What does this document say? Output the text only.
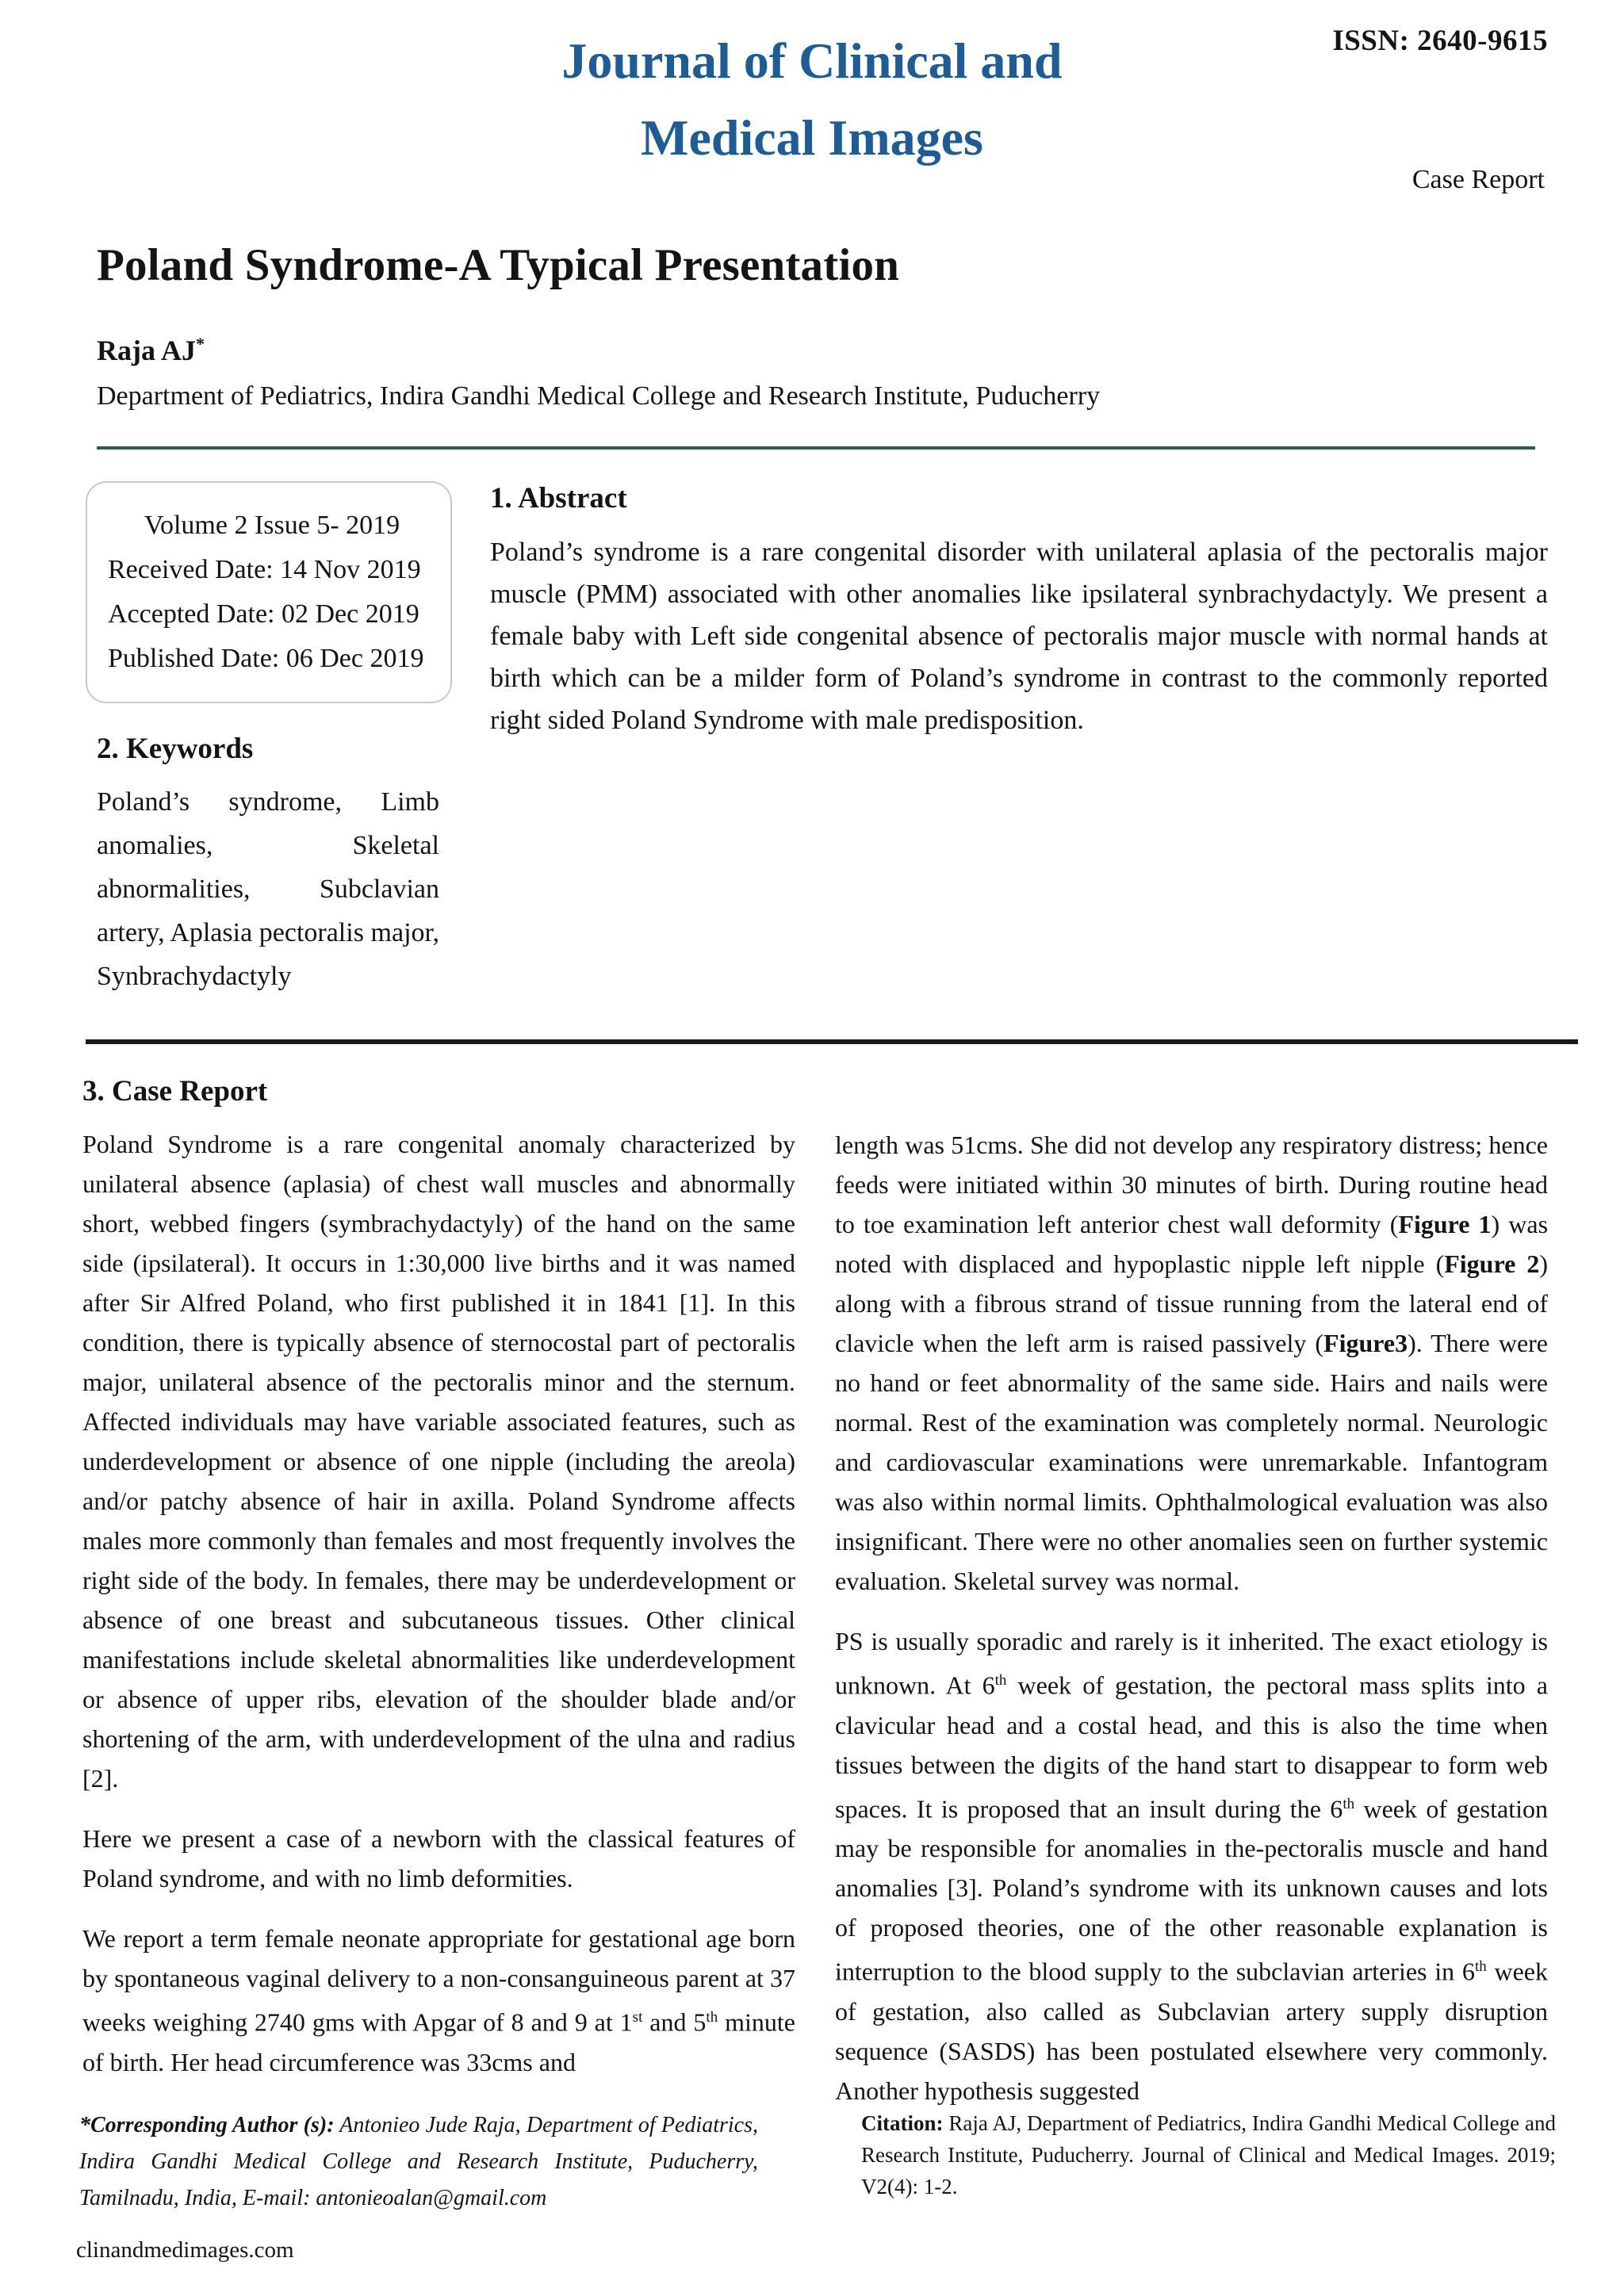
ISSN: 2640-9615
Journal of Clinical and
Medical Images
Case Report
Poland Syndrome-A Typical Presentation
Raja AJ*
Department of Pediatrics, Indira Gandhi Medical College and Research Institute, Puducherry
Volume 2 Issue 5- 2019
Received Date: 14 Nov 2019
Accepted Date: 02 Dec 2019
Published Date: 06 Dec 2019
2. Keywords

Poland’s syndrome, Limb anomalies, Skeletal abnormalities, Subclavian artery, Aplasia pectoralis major, Synbrachydactyly

1. Abstract

Poland’s syndrome is a rare congenital disorder with unilateral aplasia of the pectoralis major muscle (PMM) associated with other anomalies like ipsilateral synbrachydactyly. We present a female baby with Left side congenital absence of pectoralis major muscle with normal hands at birth which can be a milder form of Poland’s syndrome in contrast to the commonly reported right sided Poland Syndrome with male predisposition.

3. Case Report

Poland Syndrome is a rare congenital anomaly characterized by unilateral absence (aplasia) of chest wall muscles and abnormally short, webbed fingers (symbrachydactyly) of the hand on the same side (ipsilateral). It occurs in 1:30,000 live births and it was named after Sir Alfred Poland, who first published it in 1841 [1]. In this condition, there is typically absence of sternocostal part of pectoralis major, unilateral absence of the pectoralis minor and the sternum. Affected individuals may have variable associated features, such as underdevelopment or absence of one nipple (including the areola) and/or patchy absence of hair in axilla. Poland Syndrome affects males more commonly than females and most frequently involves the right side of the body. In females, there may be underdevelopment or absence of one breast and subcutaneous tissues. Other clinical manifestations include skeletal abnormalities like underdevelopment or absence of upper ribs, elevation of the shoulder blade and/or shortening of the arm, with underdevelopment of the ulna and radius [2].

Here we present a case of a newborn with the classical features of Poland syndrome, and with no limb deformities.

We report a term female neonate appropriate for gestational age born by spontaneous vaginal delivery to a non-consanguineous parent at 37 weeks weighing 2740 gms with Apgar of 8 and 9 at 1st and 5th minute of birth. Her head circumference was 33cms and

length was 51cms. She did not develop any respiratory distress; hence feeds were initiated within 30 minutes of birth. During routine head to toe examination left anterior chest wall deformity (Figure 1) was noted with displaced and hypoplastic nipple left nipple (Figure 2) along with a fibrous strand of tissue running from the lateral end of clavicle when the left arm is raised passively (Figure3). There were no hand or feet abnormality of the same side. Hairs and nails were normal. Rest of the examination was completely normal. Neurologic and cardiovascular examinations were unremarkable. Infantogram was also within normal limits. Ophthalmological evaluation was also insignificant. There were no other anomalies seen on further systemic evaluation. Skeletal survey was normal.

PS is usually sporadic and rarely is it inherited. The exact etiology is unknown. At 6th week of gestation, the pectoral mass splits into a clavicular head and a costal head, and this is also the time when tissues between the digits of the hand start to disappear to form web spaces. It is proposed that an insult during the 6th week of gestation may be responsible for anomalies in the-pectoralis muscle and hand anomalies [3]. Poland’s syndrome with its unknown causes and lots of proposed theories, one of the other reasonable explanation is interruption to the blood supply to the subclavian arteries in 6th week of gestation, also called as Subclavian artery supply disruption sequence (SASDS) has been postulated elsewhere very commonly. Another hypothesis suggested

*Corresponding Author (s): Antonieo Jude Raja, Department of Pediatrics, Indira Gandhi Medical College and Research Institute, Puducherry, Tamilnadu, India, E-mail: antonieoalan@gmail.com
Citation: Raja AJ, Department of Pediatrics, Indira Gandhi Medical College and Research Institute, Puducherry. Journal of Clinical and Medical Images. 2019; V2(4): 1-2.
clinandmedimages.com
